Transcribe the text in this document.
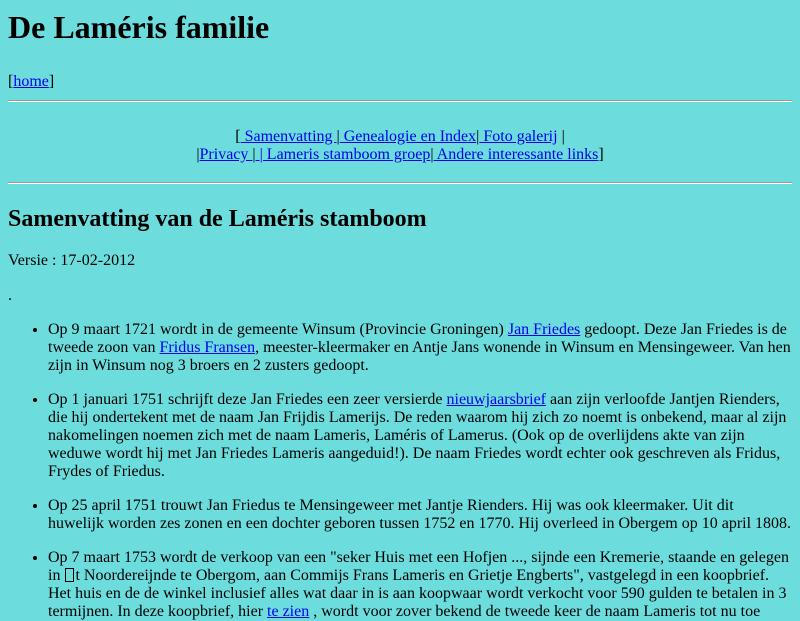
De Laméris familie
[home]
[ Samenvatting | Genealogie en Index| Foto galerij |
|Privacy | | Lameris stamboom groep| Andere interessante links]
Samenvatting van de Laméris stamboom
Versie : 17-02-2012
.
• Op 9 maart 1721 wordt in de gemeente Winsum (Provincie Groningen) Jan Friedes gedoopt. Deze Jan Friedes is de tweede zoon van Fridus Fransen, meester-kleermaker en Antje Jans wonende in Winsum en Mensingeweer. Van hen zijn in Winsum nog 3 broers en 2 zusters gedoopt.
• Op 1 januari 1751 schrijft deze Jan Friedes een zeer versierde nieuwjaarsbrief aan zijn verloofde Jantjen Rienders, die hij ondertekent met de naam Jan Frijdis Lamerijs. De reden waarom hij zich zo noemt is onbekend, maar al zijn nakomelingen noemen zich met de naam Lameris, Laméris of Lamerus. (Ook op de overlijdens akte van zijn weduwe wordt hij met Jan Friedes Lameris aangeduid!). De naam Friedes wordt echter ook geschreven als Fridus, Frydes of Friedus.
• Op 25 april 1751 trouwt Jan Friedus te Mensingeweer met Jantje Rienders. Hij was ook kleermaker. Uit dit huwelijk worden zes zonen en een dochter geboren tussen 1752 en 1770. Hij overleed in Obergem op 10 april 1808.
• Op 7 maart 1753 wordt de verkoop van een "seker Huis met een Hofjen ..., sijnde een Kremerie, staande en gelegen in t Noordereijnde te Obergom, aan Commijs Frans Lameris en Grietje Engberts", vastgelegd in een koopbrief. Het huis en de de winkel inclusief alles wat daar in is aan koopwaar wordt verkocht voor 590 gulden te betalen in 3 termijnen. In deze koopbrief, hier te zien , wordt voor zover bekend de tweede keer de naam Lameris tot nu toe
